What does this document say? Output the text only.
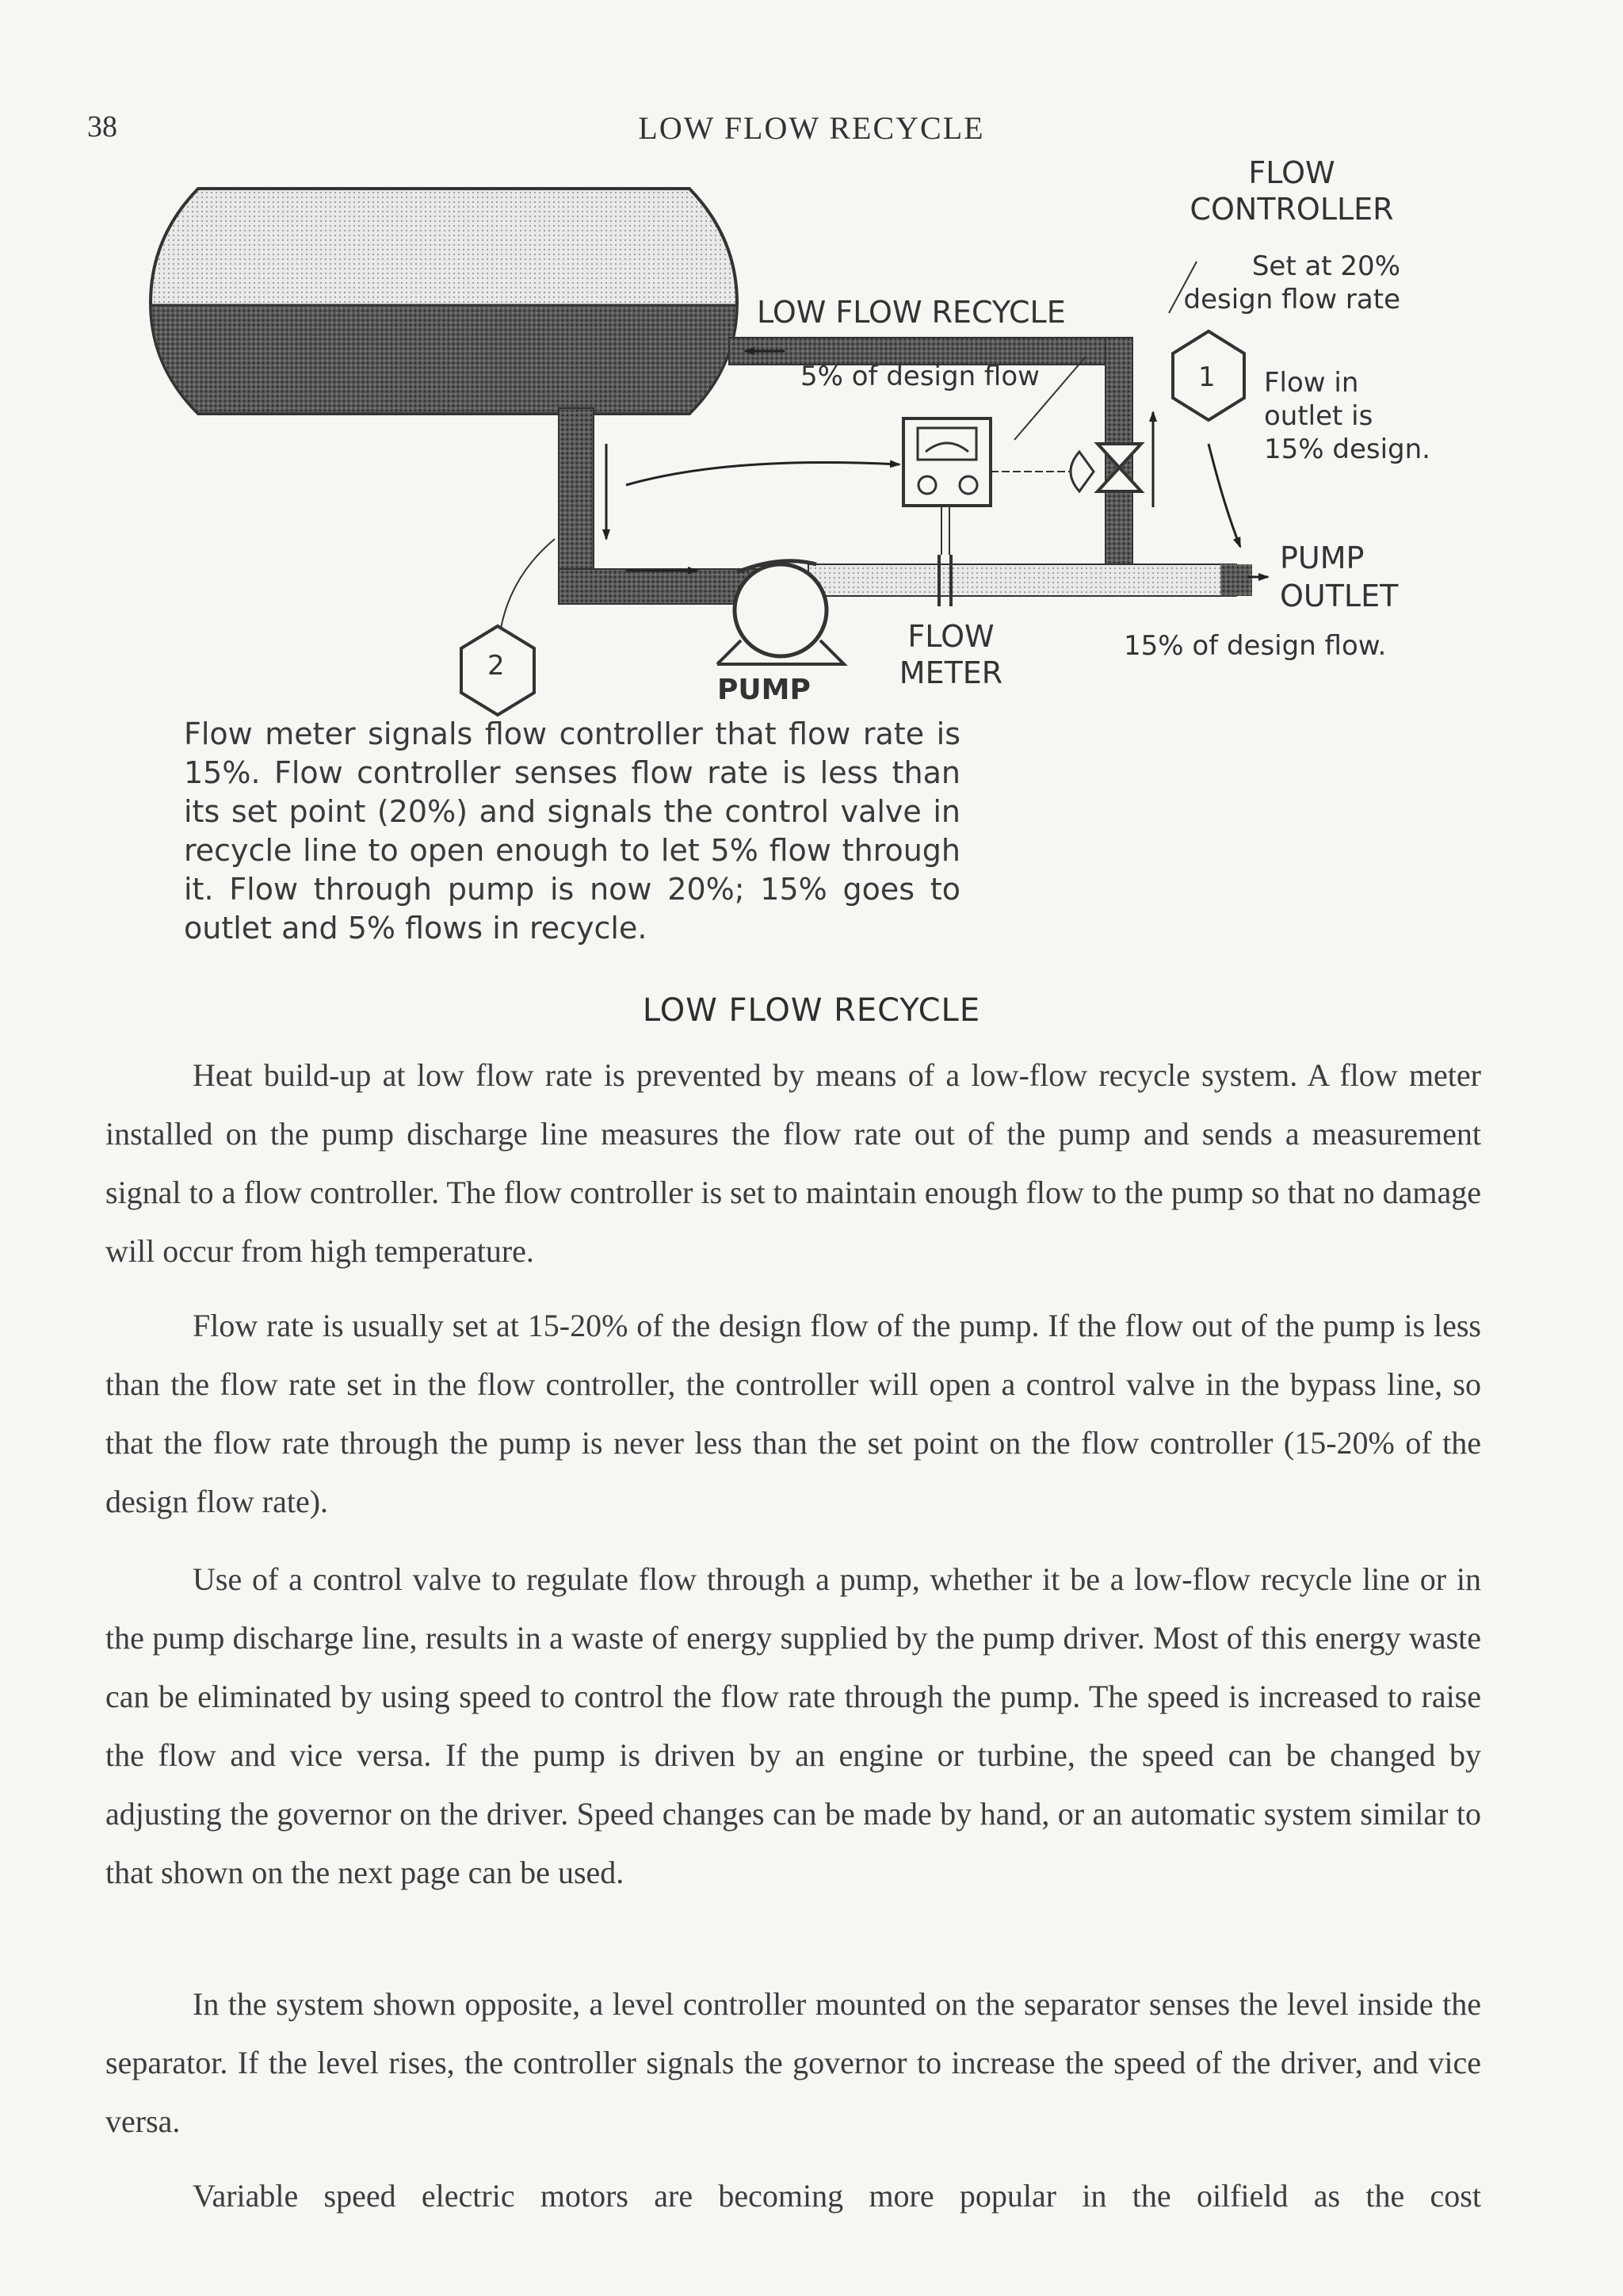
38	LOW FLOW RECYCLE
FLOW
CONTROLLER
Set at 20%
design flow rate
LOW FLOW RECYCLE
5% of design flow	1 Flow in
outlet is
15% design.
PUMP
OUTLET
15% of design flow.
FLOW
METER
PUMP
2
Flow meter signals flow controller that flow rate is 15%. Flow controller senses flow rate is less than its set point (20%) and signals the control valve in recycle line to open enough to let 5% flow through it. Flow through pump is now 20%; 15% goes to outlet and 5% flows in recycle.
LOW FLOW RECYCLE

Heat build-up at low flow rate is prevented by means of a low-flow recycle system. A flow meter installed on the pump discharge line measures the flow rate out of the pump and sends a measurement signal to a flow controller. The flow controller is set to maintain enough flow to the pump so that no damage will occur from high temperature.

Flow rate is usually set at 15-20% of the design flow of the pump. If the flow out of the pump is less than the flow rate set in the flow controller, the controller will open a control valve in the bypass line, so that the flow rate through the pump is never less than the set point on the flow controller (15-20% of the design flow rate).

Use of a control valve to regulate flow through a pump, whether it be a low-flow recycle line or in the pump discharge line, results in a waste of energy supplied by the pump driver. Most of this energy waste can be eliminated by using speed to control the flow rate through the pump. The speed is increased to raise the flow and vice versa. If the pump is driven by an engine or turbine, the speed can be changed by adjusting the governor on the driver. Speed changes can be made by hand, or an automatic system similar to that shown on the next page can be used.

In the system shown opposite, a level controller mounted on the separator senses the level inside the separator. If the level rises, the controller signals the governor to increase the speed of the driver, and vice versa.

Variable speed electric motors are becoming more popular in the oilfield as the cost
